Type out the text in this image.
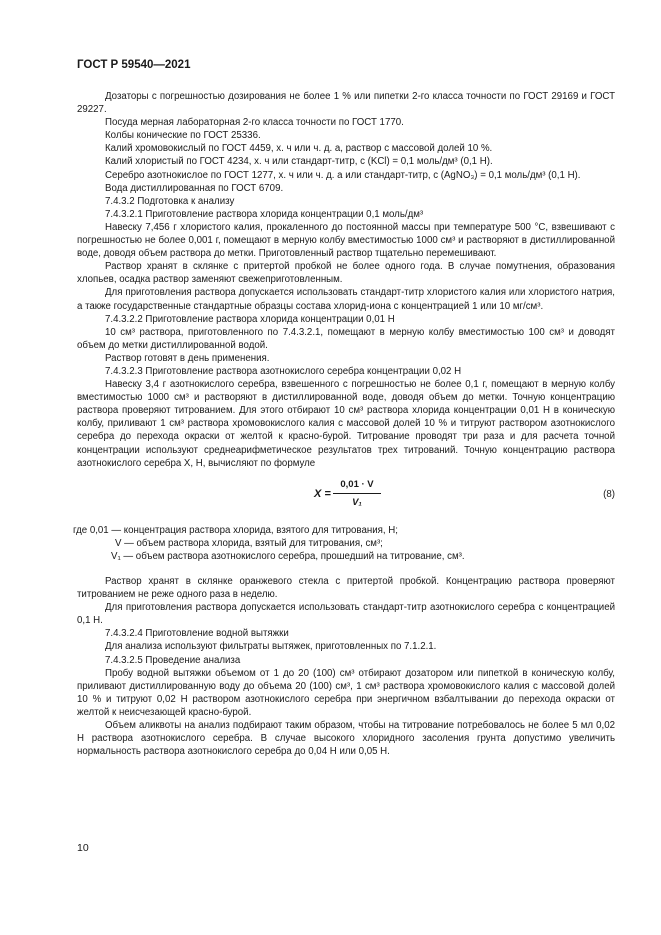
ГОСТ Р 59540—2021

Дозаторы с погрешностью дозирования не более 1 % или пипетки 2-го класса точности по ГОСТ 29169 и ГОСТ 29227.

Посуда мерная лабораторная 2-го класса точности по ГОСТ 1770.

Колбы конические по ГОСТ 25336.

Калий хромовокислый по ГОСТ 4459, х. ч или ч. д. а, раствор с массовой долей 10 %.

Калий хлористый по ГОСТ 4234, х. ч или стандарт-титр, c (KCl) = 0,1 моль/дм³ (0,1 Н).

Серебро азотнокислое по ГОСТ 1277, х. ч или ч. д. а или стандарт-титр, c (AgNO₃) = 0,1 моль/дм³ (0,1 Н).

Вода дистиллированная по ГОСТ 6709.

7.4.3.2 Подготовка к анализу

7.4.3.2.1 Приготовление раствора хлорида концентрации 0,1 моль/дм³

Навеску 7,456 г хлористого калия, прокаленного до постоянной массы при температуре 500 °С, взвешивают с погрешностью не более 0,001 г, помещают в мерную колбу вместимостью 1000 см³ и растворяют в дистиллированной воде, доводя объем раствора до метки. Приготовленный раствор тщательно перемешивают.

Раствор хранят в склянке с притертой пробкой не более одного года. В случае помутнения, образования хлопьев, осадка раствор заменяют свежеприготовленным.

Для приготовления раствора допускается использовать стандарт-титр хлористого калия или хлористого натрия, а также государственные стандартные образцы состава хлорид-иона с концентрацией 1 или 10 мг/см³.

7.4.3.2.2 Приготовление раствора хлорида концентрации 0,01 Н

10 см³ раствора, приготовленного по 7.4.3.2.1, помещают в мерную колбу вместимостью 100 см³ и доводят объем до метки дистиллированной водой.

Раствор готовят в день применения.

7.4.3.2.3 Приготовление раствора азотнокислого серебра концентрации 0,02 Н

Навеску 3,4 г азотнокислого серебра, взвешенного с погрешностью не более 0,1 г, помещают в мерную колбу вместимостью 1000 см³ и растворяют в дистиллированной воде, доводя объем до метки. Точную концентрацию раствора проверяют титрованием. Для этого отбирают 10 см³ раствора хлорида концентрации 0,01 Н в коническую колбу, приливают 1 см³ раствора хромовокислого калия с массовой долей 10 % и титруют раствором азотнокислого серебра до перехода окраски от желтой к красно-бурой. Титрование проводят три раза и для расчета точной концентрации используют среднеарифметическое результатов трех титрований. Точную концентрацию раствора азотнокислого серебра X, Н, вычисляют по формуле

$X = \frac{0,01 \cdot V}{\text{V₁}}$	(8)
где 0,01 — концентрация раствора хлорида, взятого для титрования, Н;
V — объем раствора хлорида, взятый для титрования, см³;
V₁ — объем раствора азотнокислого серебра, прошедший на титрование, см³.

Раствор хранят в склянке оранжевого стекла с притертой пробкой. Концентрацию раствора проверяют титрованием не реже одного раза в неделю.

Для приготовления раствора допускается использовать стандарт-титр азотнокислого серебра с концентрацией 0,1 Н.

7.4.3.2.4 Приготовление водной вытяжки

Для анализа используют фильтраты вытяжек, приготовленных по 7.1.2.1.

7.4.3.2.5 Проведение анализа

Пробу водной вытяжки объемом от 1 до 20 (100) см³ отбирают дозатором или пипеткой в коническую колбу, приливают дистиллированную воду до объема 20 (100) см³, 1 см³ раствора хромовокислого калия с массовой долей 10 % и титруют 0,02 Н раствором азотнокислого серебра при энергичном взбалтывании до перехода окраски от желтой к неисчезающей красно-бурой.

Объем аликвоты на анализ подбирают таким образом, чтобы на титрование потребовалось не более 5 мл 0,02 Н раствора азотнокислого серебра. В случае высокого хлоридного засоления грунта допустимо увеличить нормальность раствора азотнокислого серебра до 0,04 Н или 0,05 Н.

10
